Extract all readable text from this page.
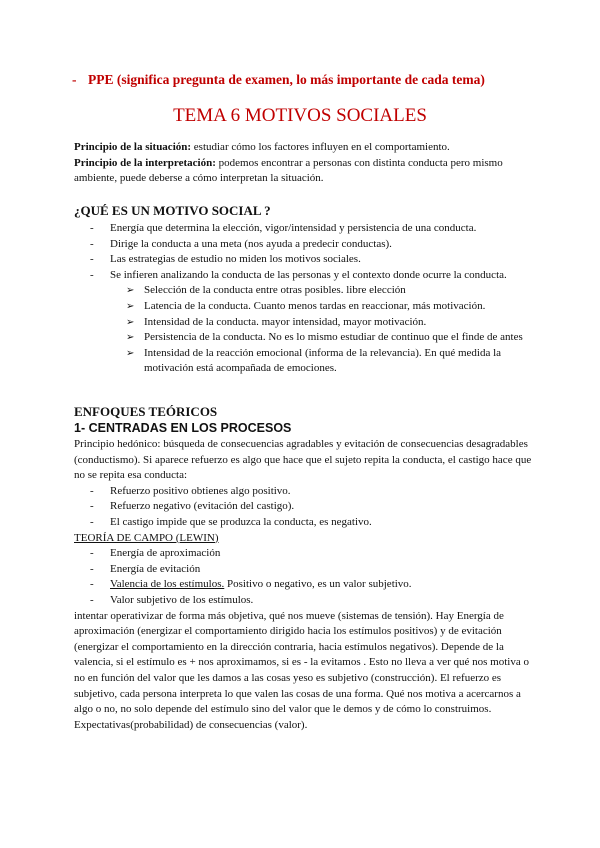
- PPE (significa pregunta de examen, lo más importante de cada tema)
TEMA 6 MOTIVOS SOCIALES

Principio de la situación: estudiar cómo los factores influyen en el comportamiento.

Principio de la interpretación: podemos encontrar a personas con distinta conducta pero mismo ambiente, puede deberse a cómo interpretan la situación.

¿QUÉ ES UN MOTIVO SOCIAL ?
- Energía que determina la elección, vigor/intensidad y persistencia de una conducta.
- Dirige la conducta a una meta (nos ayuda a predecir conductas).
- Las estrategias de estudio no miden los motivos sociales.
- Se infieren analizando la conducta de las personas y el contexto donde ocurre la conducta.
➢ Selección de la conducta entre otras posibles. libre elección
➢ Latencia de la conducta. Cuanto menos tardas en reaccionar, más motivación.
➢ Intensidad de la conducta. mayor intensidad, mayor motivación.
➢ Persistencia de la conducta. No es lo mismo estudiar de continuo que el finde de antes
➢ Intensidad de la reacción emocional (informa de la relevancia). En qué medida la motivación está acompañada de emociones.
ENFOQUES TEÓRICOS
1- CENTRADAS EN LOS PROCESOS

Principio hedónico: búsqueda de consecuencias agradables y evitación de consecuencias desagradables (conductismo). Si aparece refuerzo es algo que hace que el sujeto repita la conducta, el castigo hace que no se repita esa conducta:

- Refuerzo positivo obtienes algo positivo.
- Refuerzo negativo (evitación del castigo).
- El castigo impide que se produzca la conducta, es negativo.

TEORÍA DE CAMPO (LEWIN)

- Energía de aproximación
- Energía de evitación
- Valencia de los estímulos. Positivo o negativo, es un valor subjetivo.
- Valor subjetivo de los estímulos.

intentar operativizar de forma más objetiva, qué nos mueve (sistemas de tensión). Hay Energía de aproximación (energizar el comportamiento dirigido hacia los estímulos positivos) y de evitación (energizar el comportamiento en la dirección contraria, hacia estímulos negativos). Depende de la valencia, si el estímulo es + nos aproximamos, si es - la evitamos . Esto no lleva a ver qué nos motiva o no en función del valor que les damos a las cosas yeso es subjetivo (construcción). El refuerzo es subjetivo, cada persona interpreta lo que valen las cosas de una forma. Qué nos motiva a acercarnos a algo o no, no solo depende del estímulo sino del valor que le demos y de cómo lo construimos.

Expectativas(probabilidad) de consecuencias (valor).
